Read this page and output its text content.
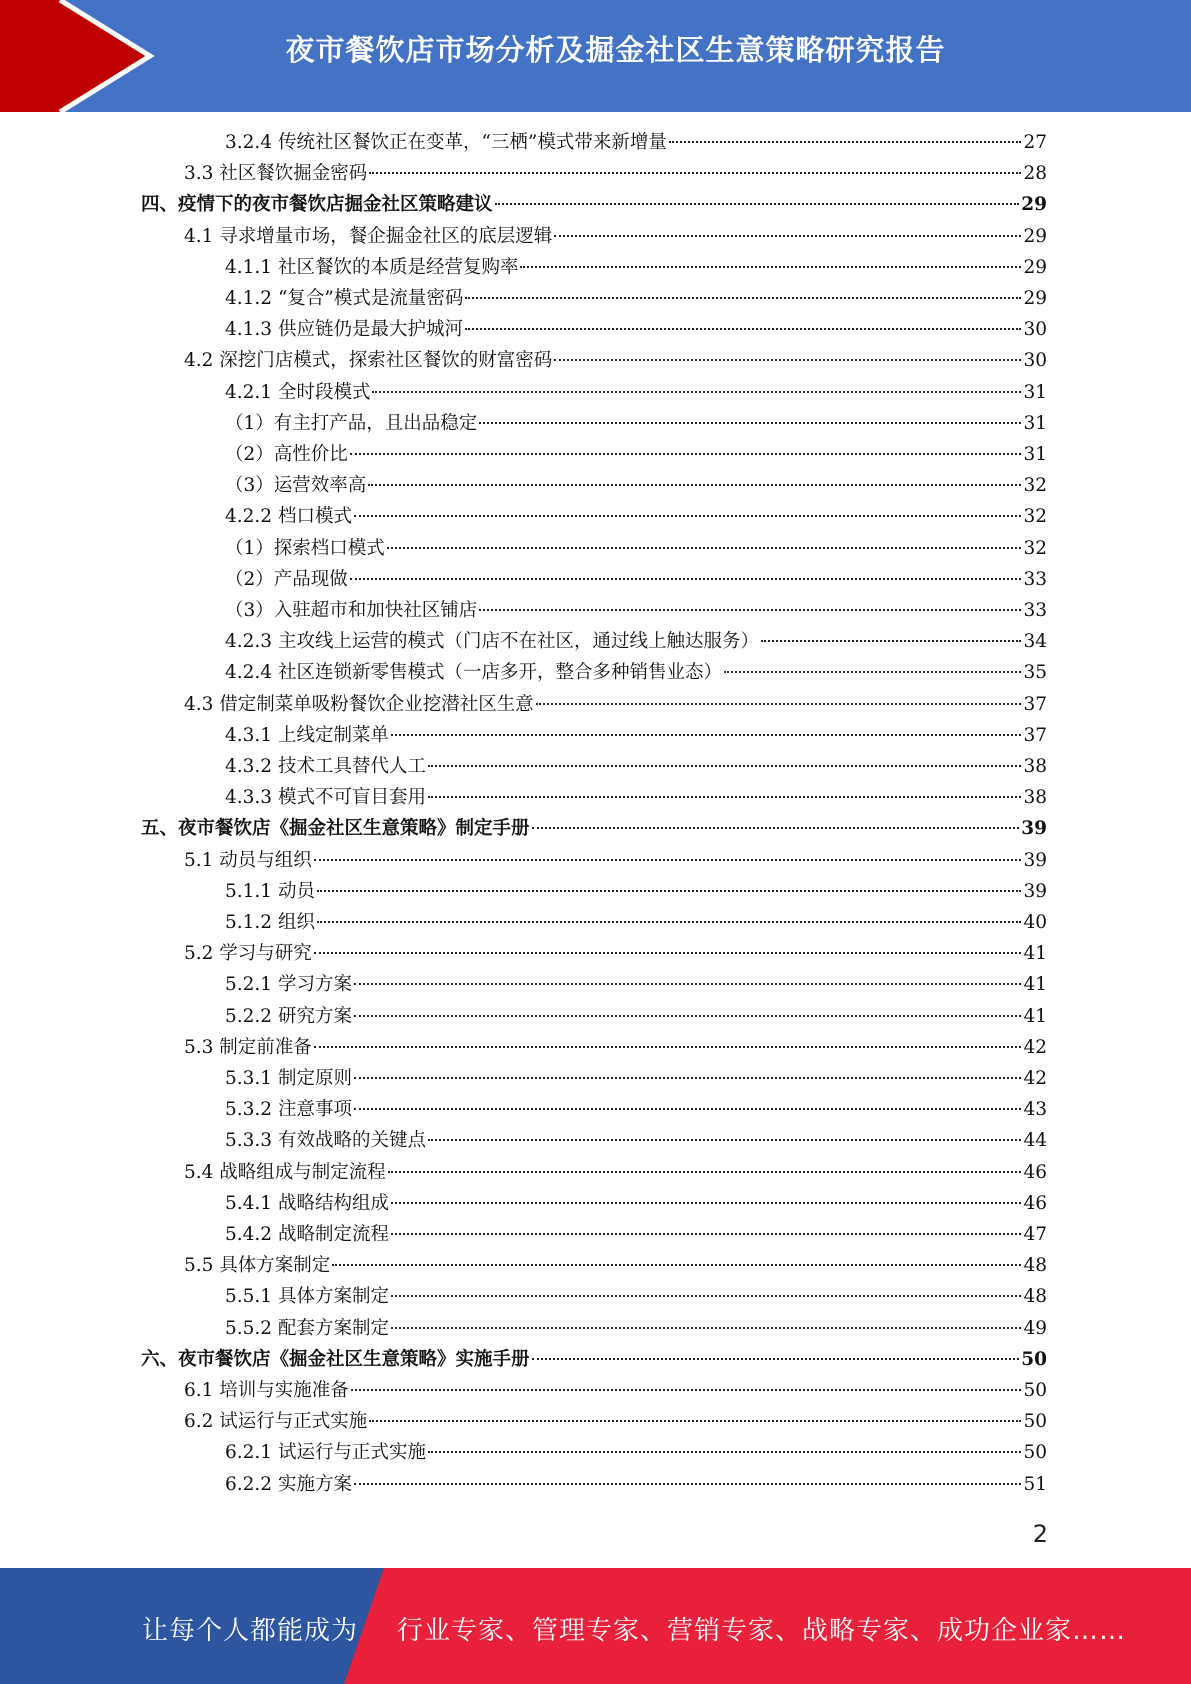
夜市餐饮店市场分析及掘金社区生意策略研究报告
3.2.4 传统社区餐饮正在变革，“三栖”模式带来新增量	27
3.3 社区餐饮掘金密码	28
四、疫情下的夜市餐饮店掘金社区策略建议	29
4.1 寻求增量市场，餐企掘金社区的底层逻辑	29
4.1.1 社区餐饮的本质是经营复购率	29
4.1.2 “复合”模式是流量密码	29
4.1.3 供应链仍是最大护城河	30
4.2 深挖门店模式，探索社区餐饮的财富密码	30
4.2.1 全时段模式	31
（1）有主打产品，且出品稳定	31
（2）高性价比	31
（3）运营效率高	32
4.2.2 档口模式	32
（1）探索档口模式	32
（2）产品现做	33
（3）入驻超市和加快社区铺店	33
4.2.3 主攻线上运营的模式（门店不在社区，通过线上触达服务）	34
4.2.4 社区连锁新零售模式（一店多开，整合多种销售业态）	35
4.3 借定制菜单吸粉餐饮企业挖潜社区生意	37
4.3.1 上线定制菜单	37
4.3.2 技术工具替代人工	38
4.3.3 模式不可盲目套用	38
五、夜市餐饮店《掘金社区生意策略》制定手册	39
5.1 动员与组织	39
5.1.1 动员	39
5.1.2 组织	40
5.2 学习与研究	41
5.2.1 学习方案	41
5.2.2 研究方案	41
5.3 制定前准备	42
5.3.1 制定原则	42
5.3.2 注意事项	43
5.3.3 有效战略的关键点	44
5.4 战略组成与制定流程	46
5.4.1 战略结构组成	46
5.4.2 战略制定流程	47
5.5 具体方案制定	48
5.5.1 具体方案制定	48
5.5.2 配套方案制定	49
六、夜市餐饮店《掘金社区生意策略》实施手册	50
6.1 培训与实施准备	50
6.2 试运行与正式实施	50
6.2.1 试运行与正式实施	50
6.2.2 实施方案	51
2
让每个人都能成为 行业专家、管理专家、营销专家、战略专家、成功企业家……
